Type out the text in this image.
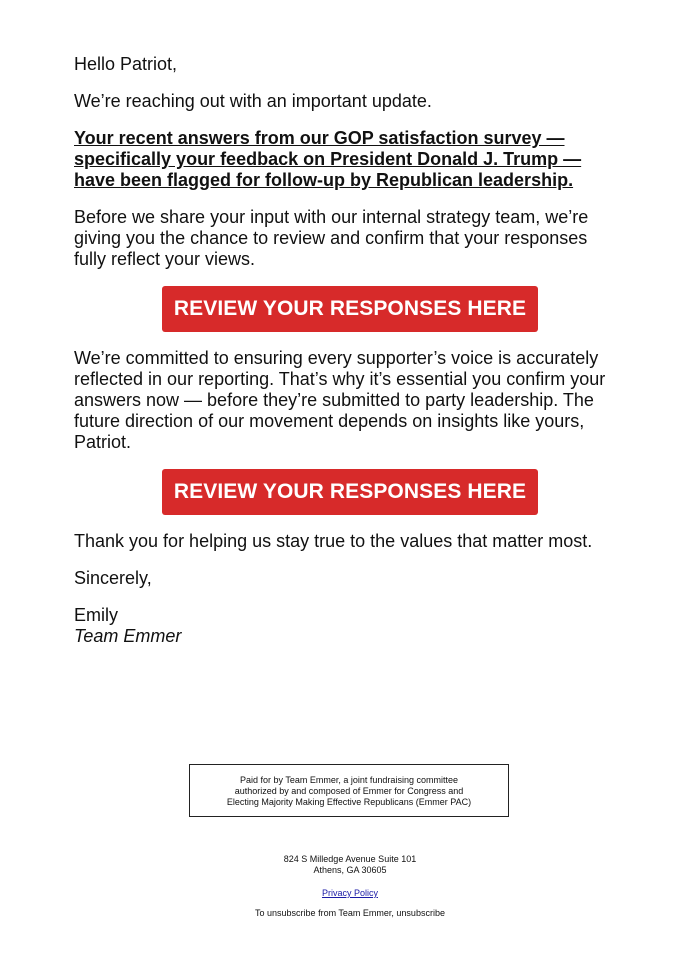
Hello Patriot,

We’re reaching out with an important update.

Your recent answers from our GOP satisfaction survey —
specifically your feedback on President Donald J. Trump —
have been flagged for follow-up by Republican leadership.

Before we share your input with our internal strategy team, we’re
giving you the chance to review and confirm that your responses
fully reflect your views.

REVIEW YOUR RESPONSES HERE

We’re committed to ensuring every supporter’s voice is accurately
reflected in our reporting. That’s why it’s essential you confirm your
answers now — before they’re submitted to party leadership. The
future direction of our movement depends on insights like yours,
Patriot.

REVIEW YOUR RESPONSES HERE

Thank you for helping us stay true to the values that matter most.

Sincerely,

Emily

Team Emmer

Paid for by Team Emmer, a joint fundraising committee
authorized by and composed of Emmer for Congress and
Electing Majority Making Effective Republicans (Emmer PAC)
824 S Milledge Avenue Suite 101
Athens, GA 30605
Privacy Policy
To unsubscribe from Team Emmer, unsubscribe
